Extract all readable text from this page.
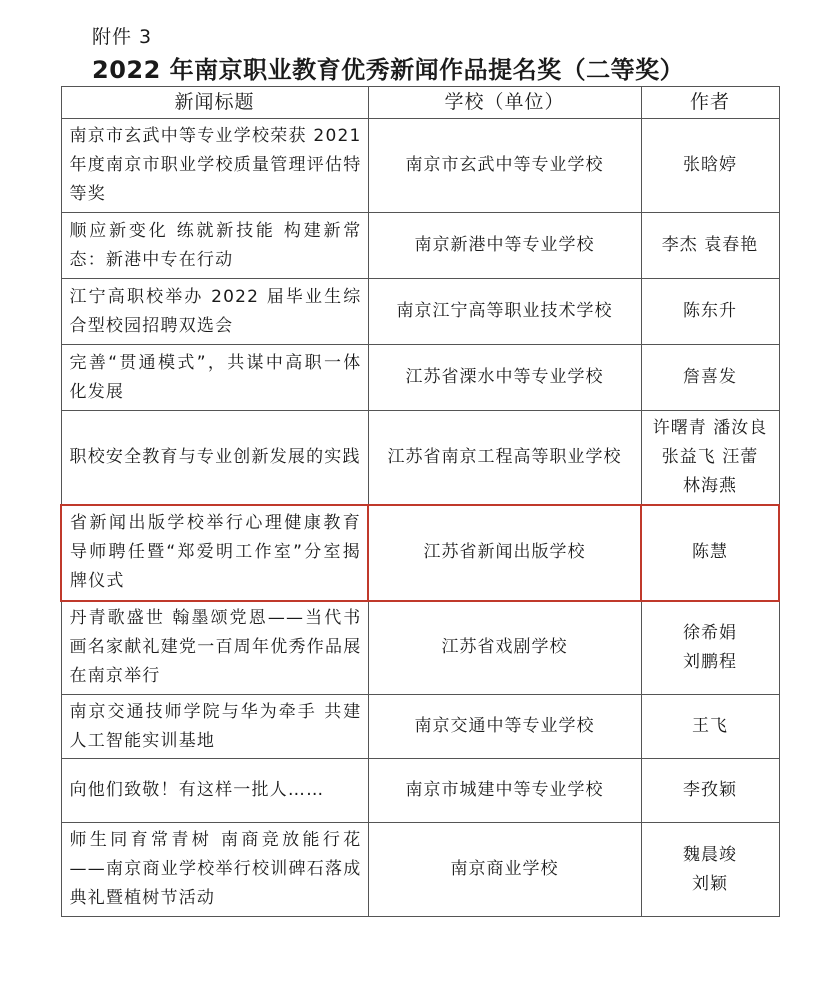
附件 3
2022 年南京职业教育优秀新闻作品提名奖（二等奖）
新闻标题	学校（单位）	作者
南京市玄武中等专业学校荣获 2021 年度南京市职业学校质量管理评估特等奖	南京市玄武中等专业学校	张晗婷

顺应新变化 练就新技能 构建新常态：新港中专在行动	南京新港中等专业学校	李杰 袁春艳

江宁高职校举办 2022 届毕业生综合型校园招聘双选会	南京江宁高等职业技术学校	陈东升

完善“贯通模式”，共谋中高职一体化发展	江苏省溧水中等专业学校	詹喜发

职校安全教育与专业创新发展的实践	江苏省南京工程高等职业学校	许曙青 潘汝良
张益飞 汪蕾
林海燕

省新闻出版学校举行心理健康教育导师聘任暨“郑爱明工作室”分室揭牌仪式	江苏省新闻出版学校	陈慧

丹青歌盛世 翰墨颂党恩——当代书画名家献礼建党一百周年优秀作品展在南京举行	江苏省戏剧学校	徐希娟
刘鹏程

南京交通技师学院与华为牵手 共建人工智能实训基地	南京交通中等专业学校	王飞

向他们致敬！有这样一批人……	南京市城建中等专业学校	李孜颖

师生同育常青树 南商竞放能行花——南京商业学校举行校训碑石落成典礼暨植树节活动	南京商业学校	魏晨竣
刘颖
